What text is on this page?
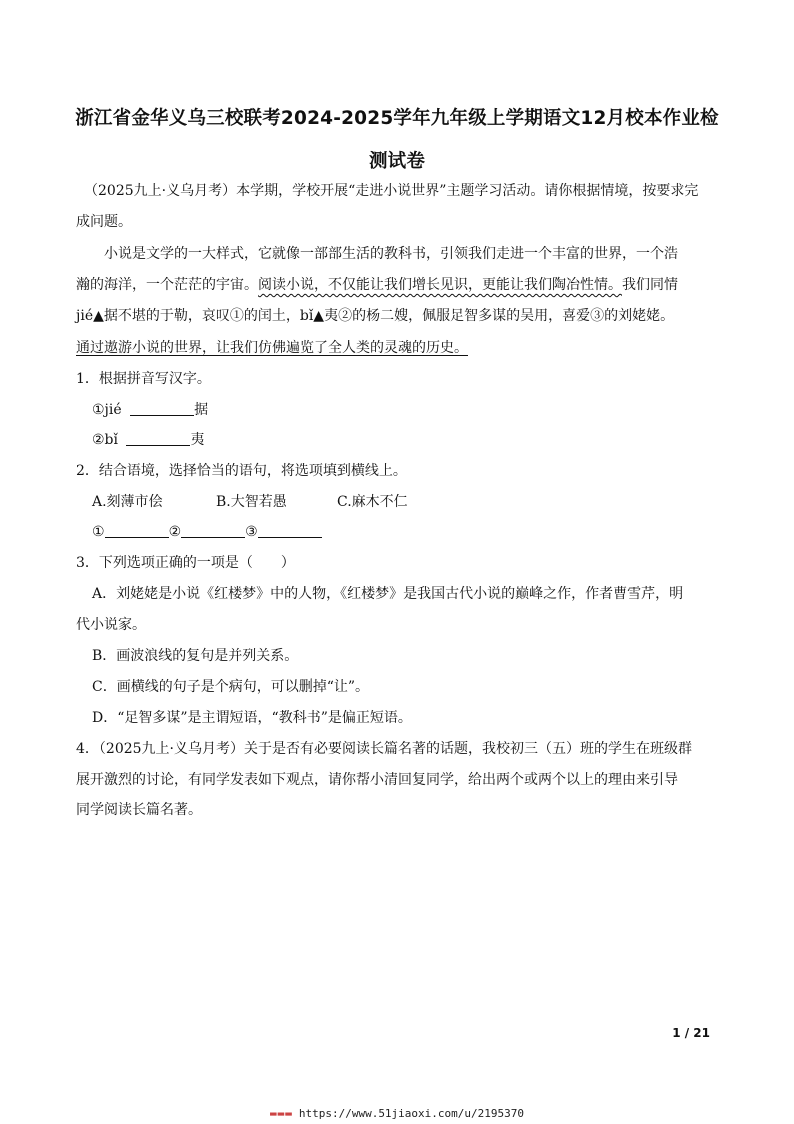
浙江省金华义乌三校联考2024-2025学年九年级上学期语文12月校本作业检
测试卷
（2025九上·义乌月考）本学期，学校开展“走进小说世界”主题学习活动。请你根据情境，按要求完
成问题。
小说是文学的一大样式，它就像一部部生活的教科书，引领我们走进一个丰富的世界，一个浩
瀚的海洋，一个茫茫的宇宙。阅读小说，不仅能让我们增长见识，更能让我们陶冶性情。我们同情
jié▲据不堪的于勒，哀叹①的闰土，bǐ▲夷②的杨二嫂，佩服足智多谋的吴用，喜爱③的刘姥姥。
通过遨游小说的世界，让我们仿佛遍览了全人类的灵魂的历史。
1．根据拼音写汉字。
①jié	据
②bǐ	夷
2．结合语境，选择恰当的语句，将选项填到横线上。
A.刻薄市侩	B.大智若愚	C.麻木不仁
①	②	③
3．下列选项正确的一项是（　　）
A．刘姥姥是小说《红楼梦》中的人物，《红楼梦》是我国古代小说的巅峰之作，作者曹雪芹，明
代小说家。
B．画波浪线的复句是并列关系。
C．画横线的句子是个病句，可以删掉“让”。
D．“足智多谋”是主谓短语，“教科书”是偏正短语。
4．（2025九上·义乌月考）关于是否有必要阅读长篇名著的话题，我校初三（五）班的学生在班级群
展开激烈的讨论，有同学发表如下观点，请你帮小清回复同学，给出两个或两个以上的理由来引导
同学阅读长篇名著。
1 / 21
▬▬▬ https://www.51jiaoxi.com/u/2195370
